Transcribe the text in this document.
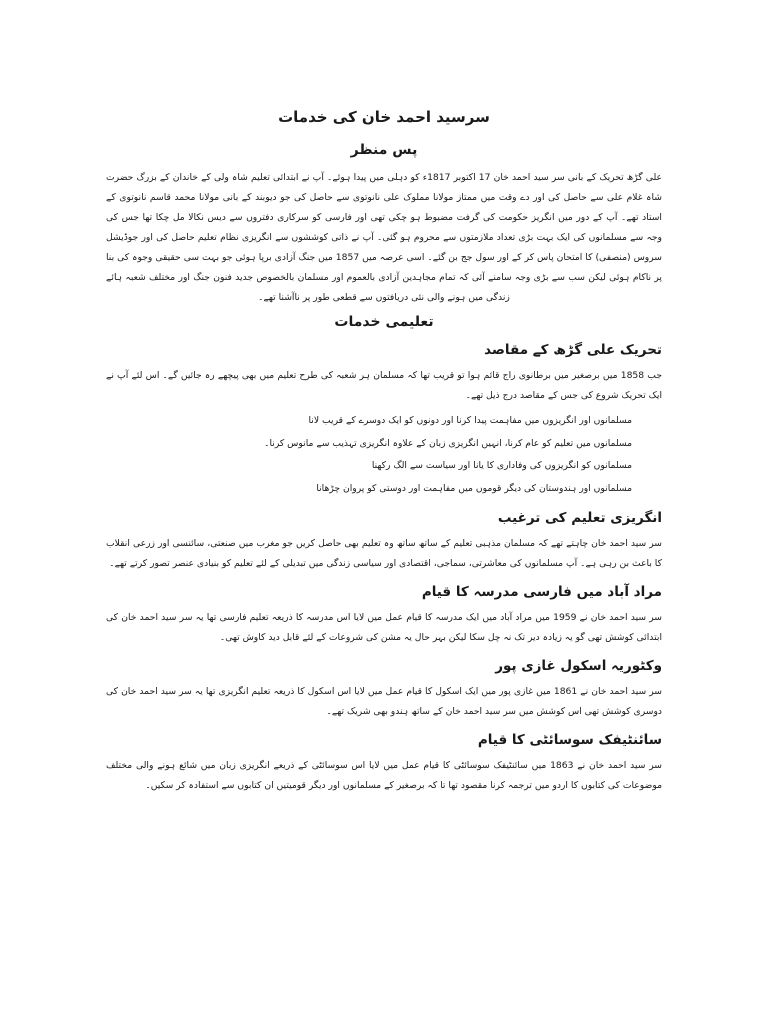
سرسید احمد خان کی خدمات
پس منظر

علی گڑھ تحریک کے بانی سر سید احمد خان 17 اکتوبر 1817ء کو دہلی میں پیدا ہوئے۔ آپ نے ابتدائی تعلیم شاہ ولی کے خاندان کے بزرگ حضرت شاہ غلام علی سے حاصل کی اور دے وقت میں ممتاز مولانا مملوک علی نانوتوی سے حاصل کی جو دیوبند کے بانی مولانا محمد قاسم نانوتوی کے استاد تھے۔ آپ کے دور میں انگریز حکومت کی گرفت مضبوط ہو چکی تھی اور فارسی کو سرکاری دفتروں سے دیس نکالا مل چکا تھا جس کی وجہ سے مسلمانوں کی ایک بہت بڑی تعداد ملازمتوں سے محروم ہو گئی۔ آپ نے ذاتی کوششوں سے انگریزی نظام تعلیم حاصل کی اور جوڈیشل سروس (منصفی) کا امتحان پاس کر کے اور سول جج بن گئے۔ اسی عرصہ میں 1857 میں جنگ آزادی برپا ہوئی جو بہت سی حقیقی وجوہ کی بنا پر ناکام ہوئی لیکن سب سے بڑی وجہ سامنے آئی کہ تمام مجاہدین آزادی بالعموم اور مسلمان بالخصوص جدید فنون جنگ اور مختلف شعبہ ہائے زندگی میں ہونے والی نئی دریافتوں سے قطعی طور پر ناآشنا تھے۔

تعلیمی خدمات
تحریک علی گڑھ کے مقاصد

جب 1858 میں برصغیر میں برطانوی راج قائم ہوا تو قریب تھا کہ مسلمان ہر شعبہ کی طرح تعلیم میں بھی پیچھے رہ جائیں گے۔ اس لئے آپ نے ایک تحریک شروع کی جس کے مقاصد درج ذیل تھے۔

مسلمانوں اور انگریزوں میں مفاہمت پیدا کرنا اور دونوں کو ایک دوسرے کے قریب لانا
مسلمانوں میں تعلیم کو عام کرنا، انہیں انگریزی زبان کے علاوہ انگریزی تہذیب سے مانوس کرنا۔
مسلمانوں کو انگریزوں کی وفاداری کا یانا اور سیاست سے الگ رکھنا
مسلمانوں اور ہندوستان کی دیگر قوموں میں مفاہمت اور دوستی کو پروان چڑھانا
انگریزی تعلیم کی ترغیب

سر سید احمد خان چاہتے تھے کہ مسلمان مذہبی تعلیم کے ساتھ ساتھ وہ تعلیم بھی حاصل کریں جو مغرب میں صنعتی، سائنسی اور زرعی انقلاب کا باعث بن رہی ہے۔ آپ مسلمانوں کی معاشرتی، سماجی، اقتصادی اور سیاسی زندگی میں تبدیلی کے لئے تعلیم کو بنیادی عنصر تصور کرتے تھے۔

مراد آباد میں فارسی مدرسہ کا قیام

سر سید احمد خان نے 1959 میں مراد آباد میں ایک مدرسہ کا قیام عمل میں لایا اس مدرسہ کا ذریعہ تعلیم فارسی تھا یہ سر سید احمد خان کی ابتدائی کوشش تھی گو یہ زیادہ دیر تک نہ چل سکا لیکن بہر حال یہ مشن کی شروعات کے لئے قابل دید کاوش تھی۔

وکٹوریہ اسکول غازی پور

سر سید احمد خان نے 1861 میں غازی پور میں ایک اسکول کا قیام عمل میں لایا اس اسکول کا ذریعہ تعلیم انگریزی تھا یہ سر سید احمد خان کی دوسری کوشش تھی اس کوشش میں سر سید احمد خان کے ساتھ ہندو بھی شریک تھے۔

سائنٹیفک سوسائٹی کا قیام

سر سید احمد خان نے 1863 میں سائنٹیفک سوسائٹی کا قیام عمل میں لایا اس سوسائٹی کے ذریعے انگریزی زبان میں شائع ہونے والی مختلف موضوعات کی کتابوں کا اردو میں ترجمہ کرنا مقصود تھا تا کہ برصغیر کے مسلمانوں اور دیگر قومیتیں ان کتابوں سے استفادہ کر سکیں۔
